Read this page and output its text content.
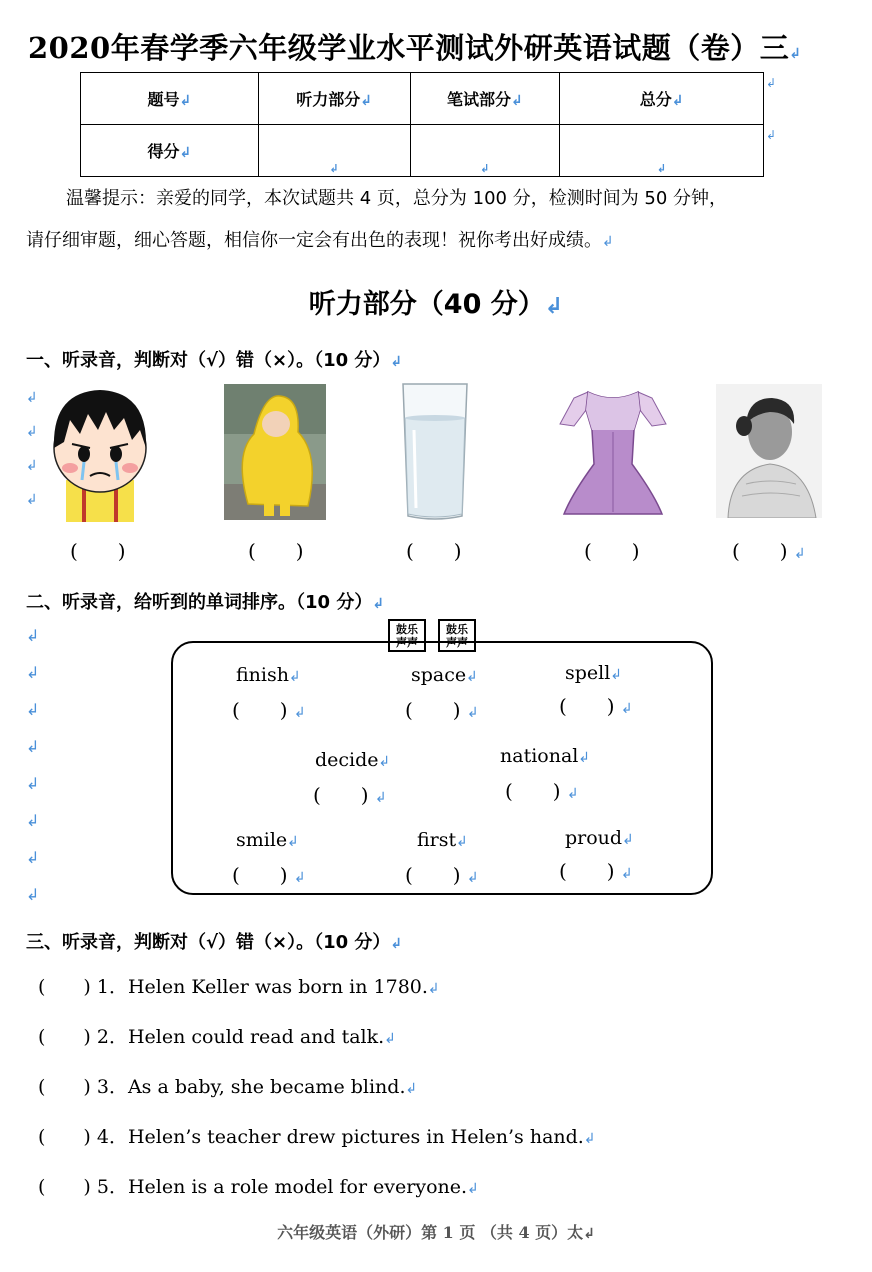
2020年春学季六年级学业水平测试外研英语试题（卷）三↲
题号↲	听力部分↲	笔试部分↲	总分↲
得分↲	↲	↲	↲
↲
↲
温馨提示：亲爱的同学，本次试题共 4 页，总分为 100 分，检测时间为 50 分钟，
请仔细审题，细心答题，相信你一定会有出色的表现！祝你考出好成绩。↲
听力部分（40 分）↲
一、听录音，判断对（√）错（×）。（10 分）↲
↲
↲
↲
↲
(　　)	(　　)	(　　)	(　　)	(　　) ↲
二、听录音，给听到的单词排序。（10 分）↲
↲
↲
↲
↲
↲
↲
↲
↲
鼓乐
声声
鼓乐
声声
finish↲
(　　) ↲
space↲
(　　) ↲
spell↲
(　　) ↲
decide↲
(　　) ↲
national↲
(　　) ↲
smile↲
(　　) ↲
first↲
(　　) ↲
proud↲
(　　) ↲
三、听录音，判断对（√）错（×）。（10 分）↲
(　　) 1．Helen Keller was born in 1780.↲
(　　) 2．Helen could read and talk.↲
(　　) 3．As a baby, she became blind.↲
(　　) 4．Helen’s teacher drew pictures in Helen’s hand.↲
(　　) 5．Helen is a role model for everyone.↲
六年级英语（外研）第 1 页 （共 4 页）太↲
